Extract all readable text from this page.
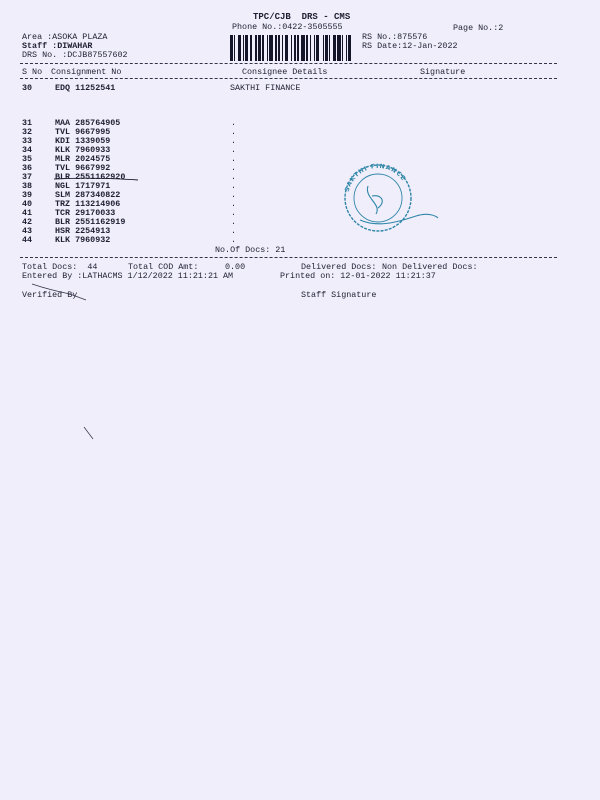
TPC/CJB  DRS - CMS
Phone No.:0422-3505555	Page No.:2
Area :ASOKA PLAZA
Staff :DIWAHAR
DRS No. :DCJB87557602
RS No.:875576
RS Date:12-Jan-2022
S No Consignment No	Consignee Details	Signature
30	EDQ 11252541	SAKTHI FINANCE
31	MAA 285764905	.
32	TVL 9667995	.
33	KDI 1339059	.
34	KLK 7960933	.
35	MLR 2024575	.
36	TVL 9667992	.
37	BLR 2551162920	.
38	NGL 1717971	.
39	SLM 287340822	.
40	TRZ 113214906	.
41	TCR 29170033	.
42	BLR 2551162919	.
43	HSR 2254913	.
44	KLK 7960932	.
SAKTHI FINANCE
No.Of Docs: 21
Total Docs:  44	Total COD Amt:	0.00	Delivered Docs: Non Delivered Docs:
Entered By :LATHACMS 1/12/2022 11:21:21 AM	Printed on: 12-01-2022 11:21:37
Verified By	Staff Signature
